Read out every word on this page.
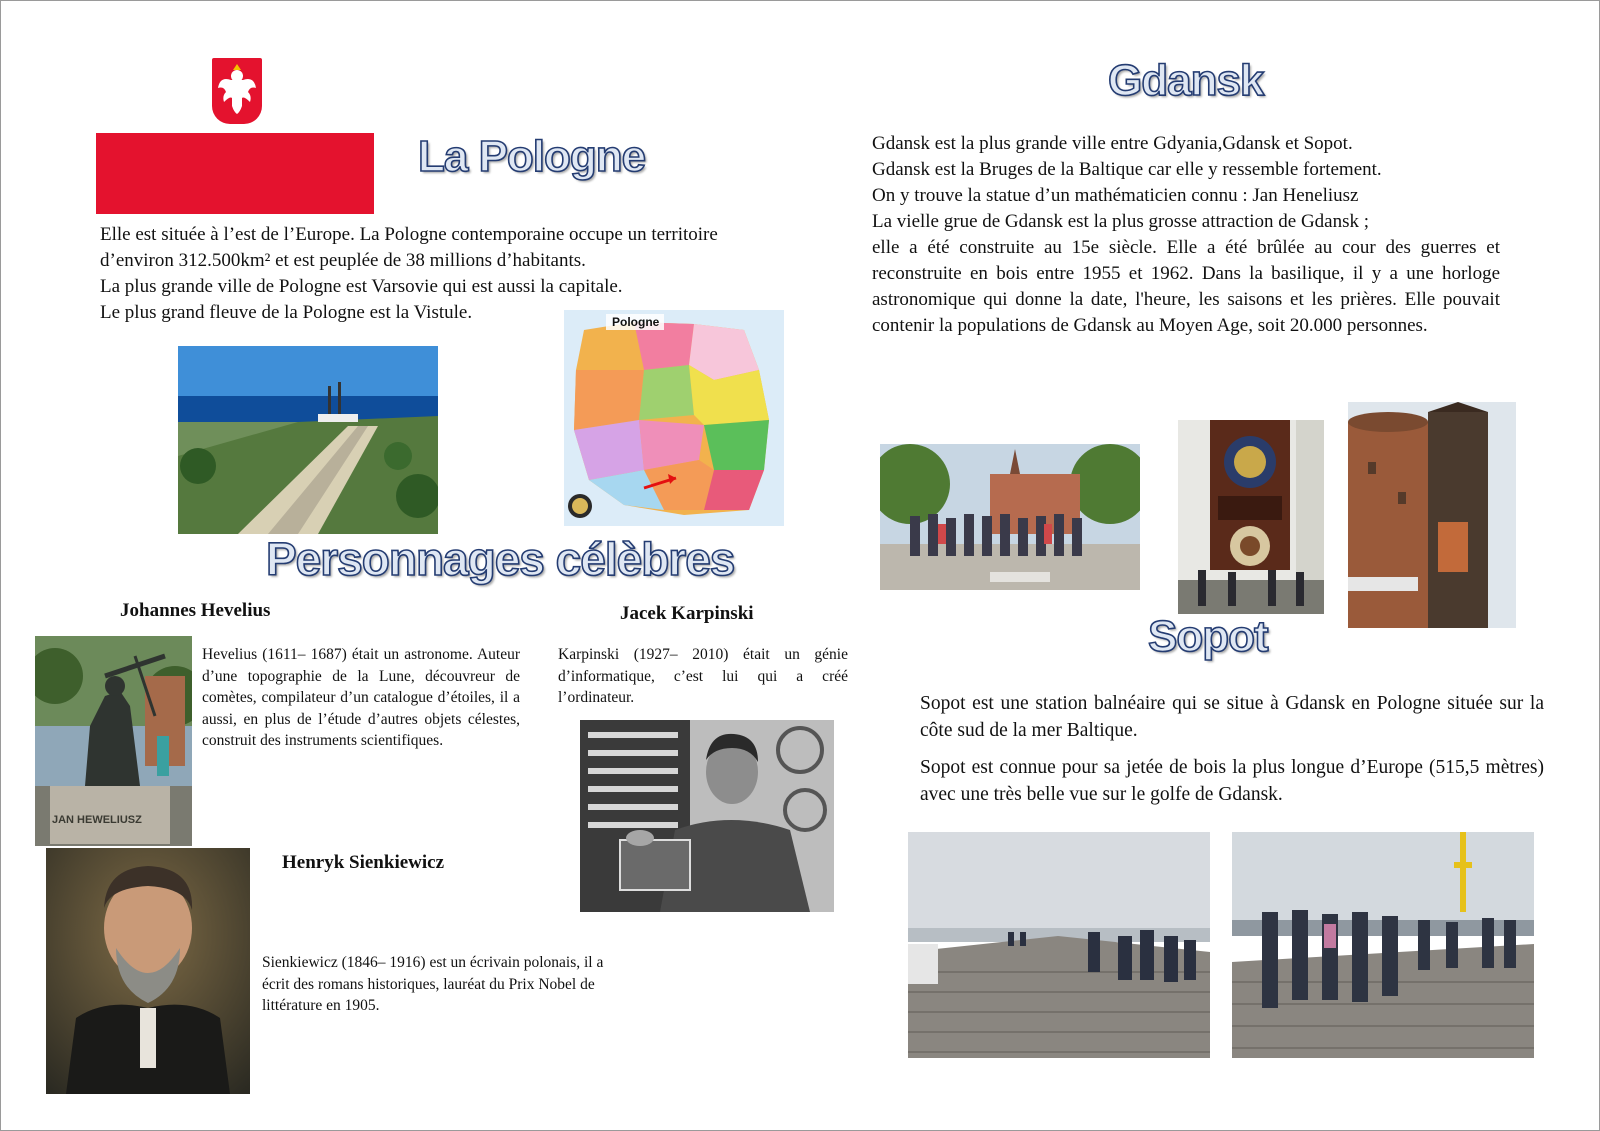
La Pologne
Elle est située à l’est de l’Europe. La Pologne contemporaine occupe un territoire
d’environ 312.500km² et est peuplée de 38 millions d’habitants.
La plus grande ville de Pologne est Varsovie qui est aussi la capitale.
Le plus grand fleuve de la Pologne est la Vistule.	Pologne
Personnages célèbres
Johannes Hevelius
JAN HEWELIUSZ
Hevelius (1611– 1687) était un astronome. Auteur d’une topographie de la Lune, découvreur de comètes, compilateur d’un catalogue d’étoiles, il a aussi, en plus de l’étude d’autres objets célestes, construit des instruments scientifiques.
Henryk Sienkiewicz
Sienkiewicz (1846– 1916) est un écrivain polonais, il a écrit des romans historiques, lauréat du Prix Nobel de littérature en 1905.
Jacek Karpinski
Karpinski (1927– 2010) était un génie d’informatique, c’est lui qui a créé l’ordinateur.
Gdansk
Gdansk est la plus grande ville entre Gdyania,Gdansk et Sopot.
Gdansk est la Bruges de la Baltique car elle y ressemble fortement.
On y trouve la statue d’un mathématicien connu : Jan Heneliusz
La vielle grue de Gdansk est la plus grosse attraction de Gdansk ;
elle a été construite au 15e siècle. Elle a été brûlée au cour des guerres et reconstruite en bois entre 1955 et 1962. Dans la basilique, il y a une horloge astronomique qui donne la date, l'heure, les saisons et les prières. Elle pouvait contenir la populations de Gdansk au Moyen Age, soit 20.000 personnes.
Sopot
Sopot est une station balnéaire qui se situe à Gdansk en Pologne située sur la côte sud de la mer Baltique.
Sopot est connue pour sa jetée de bois la plus longue d’Europe (515,5 mètres) avec une très belle vue sur le golfe de Gdansk.
